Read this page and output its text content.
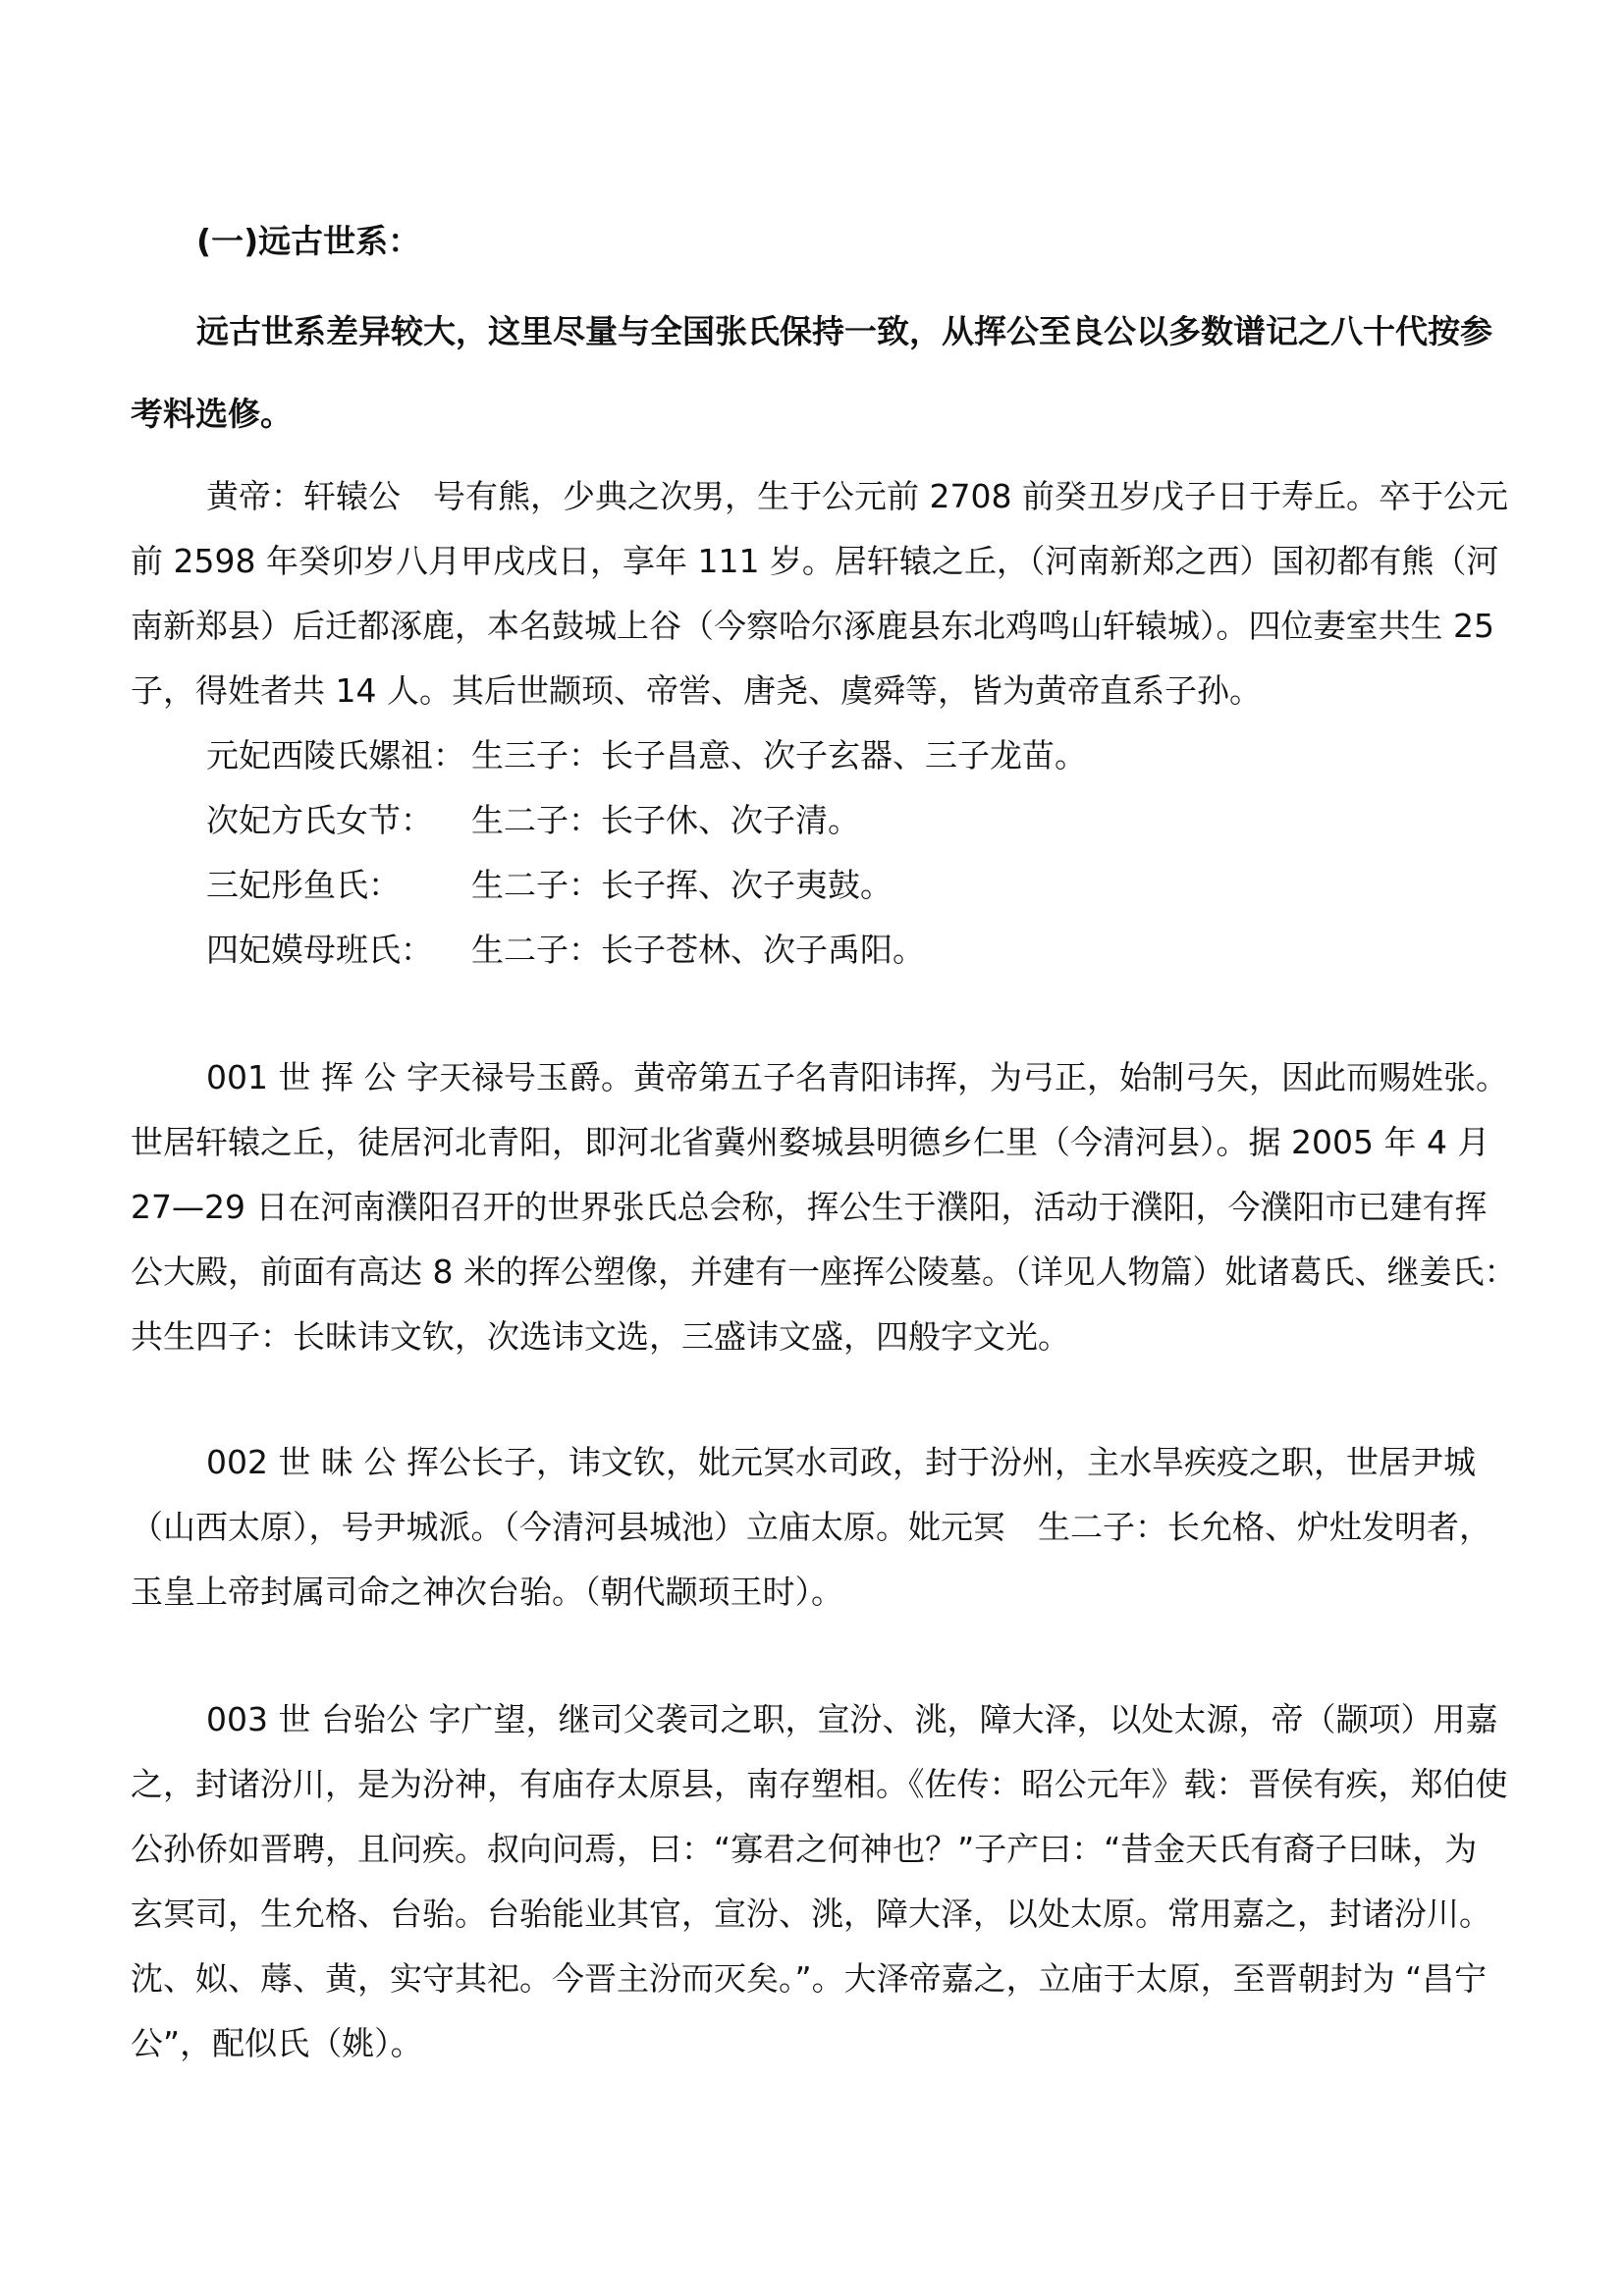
(一)远古世系：
远古世系差异较大，这里尽量与全国张氏保持一致，从挥公至良公以多数谱记之八十代按参
考料选修。
黄帝：轩辕公　号有熊，少典之次男，生于公元前 2708 前癸丑岁戊子日于寿丘。卒于公元
前 2598 年癸卯岁八月甲戌戌日，享年 111 岁。居轩辕之丘，（河南新郑之西）国初都有熊（河
南新郑县）后迁都涿鹿，本名鼓城上谷（今察哈尔涿鹿县东北鸡鸣山轩辕城）。四位妻室共生 25
子，得姓者共 14 人。其后世颛顼、帝喾、唐尧、虞舜等，皆为黄帝直系子孙。
元妃西陵氏嫘祖： 生三子：长子昌意、次子玄器、三子龙苗。
次妃方氏女节： 生二子：长子休、次子清。
三妃彤鱼氏： 生二子：长子挥、次子夷鼓。
四妃嫫母班氏： 生二子：长子苍林、次子禹阳。
001 世 挥 公 字天禄号玉爵。黄帝第五子名青阳讳挥，为弓正，始制弓矢，因此而赐姓张。
世居轩辕之丘，徒居河北青阳，即河北省冀州婺城县明德乡仁里（今清河县）。据 2005 年 4 月
27—29 日在河南濮阳召开的世界张氏总会称，挥公生于濮阳，活动于濮阳，今濮阳市已建有挥
公大殿，前面有高达 8 米的挥公塑像，并建有一座挥公陵墓。（详见人物篇）妣诸葛氏、继姜氏：
共生四子：长昧讳文钦，次选讳文选，三盛讳文盛，四般字文光。
002 世 昧 公 挥公长子，讳文钦，妣元冥水司政，封于汾州，主水旱疾疫之职，世居尹城
（山西太原），号尹城派。（今清河县城池）立庙太原。妣元冥　生二子：长允格、炉灶发明者，
玉皇上帝封属司命之神次台骀。（朝代颛顼王时）。
003 世 台骀公 字广望，继司父袭司之职，宣汾、洮，障大泽，以处太源，帝（颛项）用嘉
之，封诸汾川，是为汾神，有庙存太原县，南存塑相。《佐传：昭公元年》载：晋侯有疾，郑伯使
公孙侨如晋聘，且问疾。叔向问焉，曰：“寡君之何神也？”子产曰：“昔金天氏有裔子曰昧，为
玄冥司，生允格、台骀。台骀能业其官，宣汾、洮，障大泽，以处太原。常用嘉之，封诸汾川。
沈、姒、蓐、黄，实守其祀。今晋主汾而灭矣。”。大泽帝嘉之，立庙于太原，至晋朝封为 “昌宁
公”，配似氏（姚）。
